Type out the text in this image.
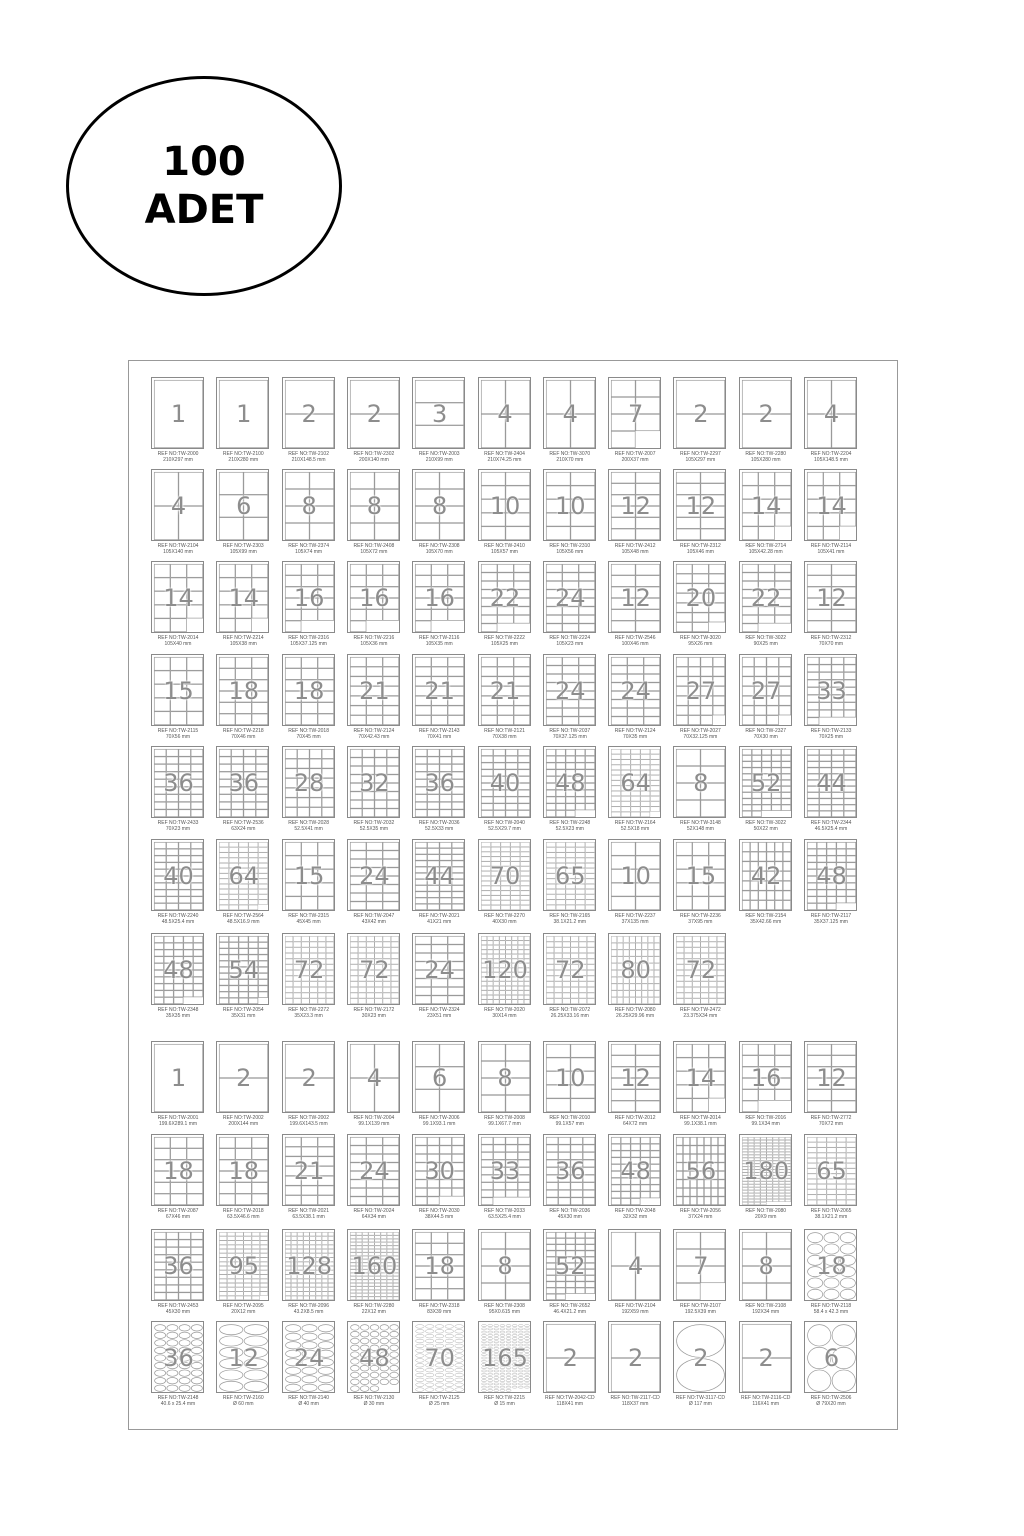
100
ADET
1
REF NO:TW-2000
210X297 mm
1
REF NO:TW-2100
210X280 mm
2
REF NO:TW-2102
210X148.5 mm
2
REF NO:TW-2302
200X140 mm
3
REF NO:TW-2003
210X99 mm
4
REF NO:TW-2404
210X74.25 mm
4
REF NO:TW-3070
210X70 mm
7
REF NO:TW-2007
200X37 mm
2
REF NO:TW-2297
105X297 mm
2
REF NO:TW-2280
105X280 mm
4
REF NO:TW-2204
105X148.5 mm
4
REF NO:TW-2104
105X140 mm
6
REF NO:TW-2303
105X99 mm
8
REF NO:TW-2374
105X74 mm
8
REF NO:TW-2408
105X72 mm
8
REF NO:TW-2308
105X70 mm
10
REF NO:TW-2410
105X57 mm
10
REF NO:TW-2310
105X56 mm
12
REF NO:TW-2412
105X48 mm
12
REF NO:TW-2312
105X46 mm
14
REF NO:TW-2714
105X42.28 mm
14
REF NO:TW-2114
105X41 mm
14
REF NO:TW-2014
105X40 mm
14
REF NO:TW-2214
105X38 mm
16
REF NO:TW-2316
105X37.125 mm
16
REF NO:TW-2216
105X36 mm
16
REF NO:TW-2116
105X35 mm
22
REF NO:TW-2222
105X25 mm
24
REF NO:TW-2224
105X23 mm
12
REF NO:TW-2546
100X46 mm
20
REF NO:TW-3020
95X26 mm
22
REF NO:TW-3022
90X25 mm
12
REF NO:TW-2312
70X70 mm
15
REF NO:TW-2115
70X56 mm
18
REF NO:TW-2218
70X46 mm
18
REF NO:TW-2018
70X45 mm
21
REF NO:TW-2124
70X42.43 mm
21
REF NO:TW-2143
70X41 mm
21
REF NO:TW-2121
70X38 mm
24
REF NO:TW-2037
70X37.125 mm
24
REF NO:TW-2124
70X35 mm
27
REF NO:TW-2027
70X32.125 mm
27
REF NO:TW-2327
70X30 mm
33
REF NO:TW-2133
70X25 mm
36
REF NO:TW-2433
70X23 mm
36
REF NO:TW-2536
63X24 mm
28
REF NO:TW-2028
52.5X41 mm
32
REF NO:TW-2032
52.5X35 mm
36
REF NO:TW-2036
52.5X33 mm
40
REF NO:TW-2040
52.5X29.7 mm
48
REF NO:TW-2248
52.5X23 mm
64
REF NO:TW-2164
52.5X18 mm
8
REF NO:TW-3148
52X148 mm
52
REF NO:TW-3022
50X22 mm
44
REF NO:TW-2344
46.5X25.4 mm
40
REF NO:TW-2240
48.5X25.4 mm
64
REF NO:TW-2564
48.5X16.9 mm
15
REF NO:TW-2315
45X45 mm
24
REF NO:TW-2047
43X42 mm
44
REF NO:TW-2021
41X21 mm
70
REF NO:TW-2270
40X30 mm
65
REF NO:TW-2165
38.1X21.2 mm
10
REF NO:TW-2237
37X135 mm
15
REF NO:TW-2236
37X95 mm
42
REF NO:TW-2154
35X42.66 mm
48
REF NO:TW-2117
35X37.125 mm
48
REF NO:TW-2348
35X35 mm
54
REF NO:TW-2054
35X31 mm
72
REF NO:TW-2272
35X23.3 mm
72
REF NO:TW-2172
30X23 mm
24
REF NO:TW-2324
23X51 mm
120
REF NO:TW-2020
30X14 mm
72
REF NO:TW-2072
26.25X33.16 mm
80
REF NO:TW-2080
26.25X29.96 mm
72
REF NO:TW-2472
23.375X34 mm
1
REF NO:TW-2001
199.6X289.1 mm
2
REF NO:TW-2002
200X144 mm
2
REF NO:TW-2002
199.6X143.5 mm
4
REF NO:TW-2004
99.1X139 mm
6
REF NO:TW-2006
99.1X93.1 mm
8
REF NO:TW-2008
99.1X67.7 mm
10
REF NO:TW-2010
99.1X57 mm
12
REF NO:TW-2012
64X72 mm
14
REF NO:TW-2014
99.1X38.1 mm
16
REF NO:TW-2016
99.1X34 mm
12
REF NO:TW-2772
70X72 mm
18
REF NO:TW-2087
67X46 mm
18
REF NO:TW-2018
63.5X46.6 mm
21
REF NO:TW-2021
63.5X38.1 mm
24
REF NO:TW-2024
64X34 mm
30
REF NO:TW-2030
38X44.5 mm
33
REF NO:TW-2033
63.5X25.4 mm
36
REF NO:TW-2036
45X30 mm
48
REF NO:TW-2048
32X32 mm
56
REF NO:TW-2056
37X24 mm
180
REF NO:TW-2080
20X9 mm
65
REF NO:TW-2065
38.1X21.2 mm
36
REF NO:TW-2453
45X30 mm
95
REF NO:TW-2095
20X12 mm
128
REF NO:TW-2096
43.2X8.5 mm
160
REF NO:TW-2280
22X12 mm
18
REF NO:TW-2318
83X39 mm
8
REF NO:TW-2308
95X0.615 mm
52
REF NO:TW-2652
46.4X21.2 mm
4
REF NO:TW-2104
192X59 mm
7
REF NO:TW-2107
192.5X39 mm
8
REF NO:TW-2108
192X34 mm
18
REF NO:TW-2118
58.4 x 42.3 mm
36
REF NO:TW-2148
40.6 x 25.4 mm
12
REF NO:TW-2160
Ø 60 mm
24
REF NO:TW-2140
Ø 40 mm
48
REF NO:TW-2130
Ø 30 mm
70
REF NO:TW-2125
Ø 25 mm
165
REF NO:TW-2215
Ø 15 mm
2
REF NO:TW-2042-CD
118X41 mm
2
REF NO:TW-2117-CD
118X37 mm
2
REF NO:TW-3117-CD
Ø 117 mm
2
REF NO:TW-2116-CD
116X41 mm
6
REF NO:TW-2506
Ø 79X20 mm
